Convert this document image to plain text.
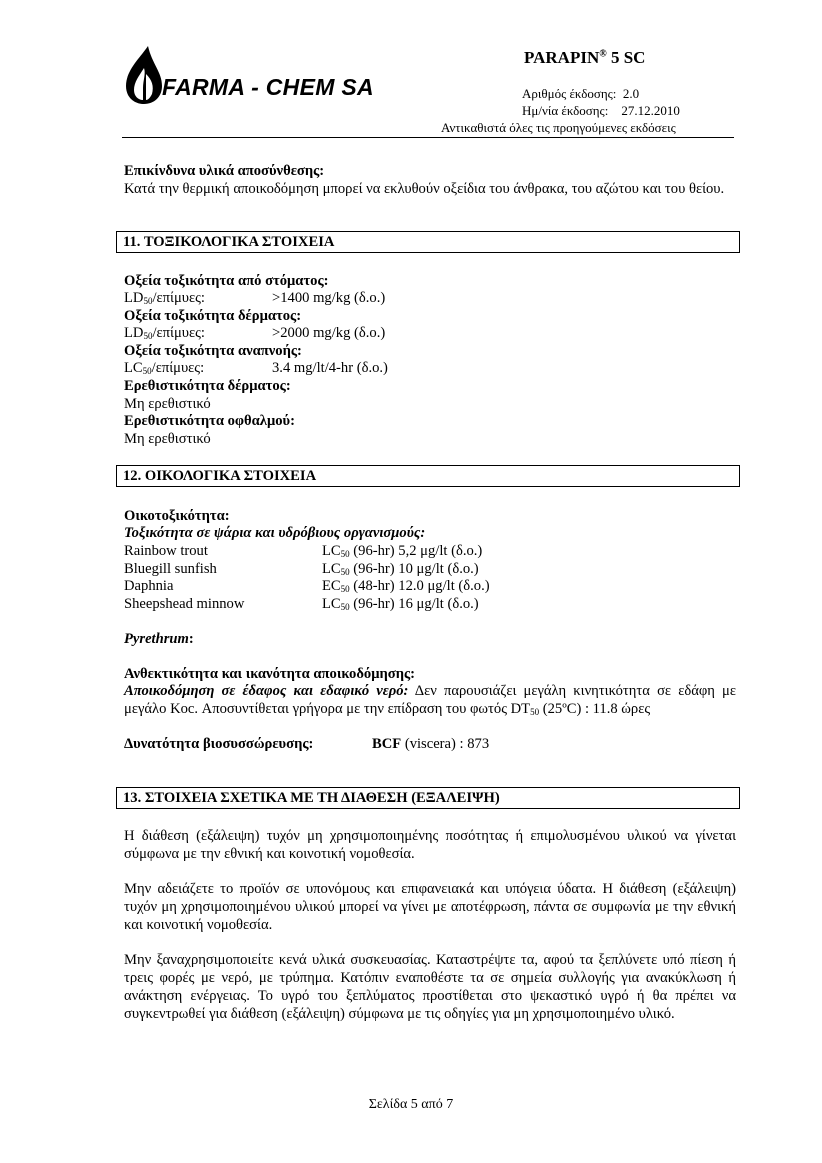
FARMA - CHEM SA
PARAPIN® 5 SC
Αριθμός έκδοσης: 2.0
Ημ/νία έκδοσης: 27.12.2010
Αντικαθιστά όλες τις προηγούμενες εκδόσεις
Επικίνδυνα υλικά αποσύνθεσης:
Κατά την θερμική αποικοδόμηση μπορεί να εκλυθούν οξείδια του άνθρακα, του αζώτου και του θείου.
11. ΤΟΞΙΚΟΛΟΓΙΚΑ ΣΤΟΙΧΕΙΑ
Οξεία τοξικότητα από στόματος:
$LD_{50}$/επίμυες:	>1400 mg/kg (δ.ο.)
Οξεία τοξικότητα δέρματος:
$LD_{50}$/επίμυες:	>2000 mg/kg (δ.ο.)
Οξεία τοξικότητα αναπνοής:
$LC_{50}$/επίμυες:	3.4 mg/lt/4-hr (δ.ο.)
Ερεθιστικότητα δέρματος:
Μη ερεθιστικό
Ερεθιστικότητα οφθαλμού:
Μη ερεθιστικό
12. ΟΙΚΟΛΟΓΙΚΑ ΣΤΟΙΧΕΙΑ
Οικοτοξικότητα:
Τοξικότητα σε ψάρια και υδρόβιους οργανισμούς:
Rainbow trout	$LC_{50}$ (96-hr) 5,2 μg/lt (δ.ο.)
Bluegill sunfish	$LC_{50}$ (96-hr) 10 μg/lt (δ.ο.)
Daphnia	$EC_{50}$ (48-hr) 12.0 μg/lt (δ.ο.)
Sheepshead minnow	$LC_{50}$ (96-hr) 16 μg/lt (δ.ο.)
Pyrethrum:
Ανθεκτικότητα και ικανότητα αποικοδόμησης:
Αποικοδόμηση σε έδαφος και εδαφικό νερό: Δεν παρουσιάζει μεγάλη κινητικότητα σε εδάφη με μεγάλο Koc. Αποσυντίθεται γρήγορα με την επίδραση του φωτός $DT_{50}$ (25ºC) : 11.8 ώρες
Δυνατότητα βιοσυσσώρευσης:	BCF (viscera) : 873
13. ΣΤΟΙΧΕΙΑ ΣΧΕΤΙΚΑ ΜΕ ΤΗ ΔΙΑΘΕΣΗ (ΕΞΑΛΕΙΨΗ)
Η διάθεση (εξάλειψη) τυχόν μη χρησιμοποιημένης ποσότητας ή επιμολυσμένου υλικού να γίνεται σύμφωνα με την εθνική και κοινοτική νομοθεσία.
Μην αδειάζετε το προϊόν σε υπονόμους και επιφανειακά και υπόγεια ύδατα. Η διάθεση (εξάλειψη) τυχόν μη χρησιμοποιημένου υλικού μπορεί να γίνει με αποτέφρωση, πάντα σε συμφωνία με την εθνική και κοινοτική νομοθεσία.
Μην ξαναχρησιμοποιείτε κενά υλικά συσκευασίας. Καταστρέψτε τα, αφού τα ξεπλύνετε υπό πίεση ή τρεις φορές με νερό, με τρύπημα. Κατόπιν εναποθέστε τα σε σημεία συλλογής για ανακύκλωση ή ανάκτηση ενέργειας. Το υγρό του ξεπλύματος προστίθεται στο ψεκαστικό υγρό ή θα πρέπει να συγκεντρωθεί για διάθεση (εξάλειψη) σύμφωνα με τις οδηγίες για μη χρησιμοποιημένο υλικό.
Σελίδα 5 από 7
